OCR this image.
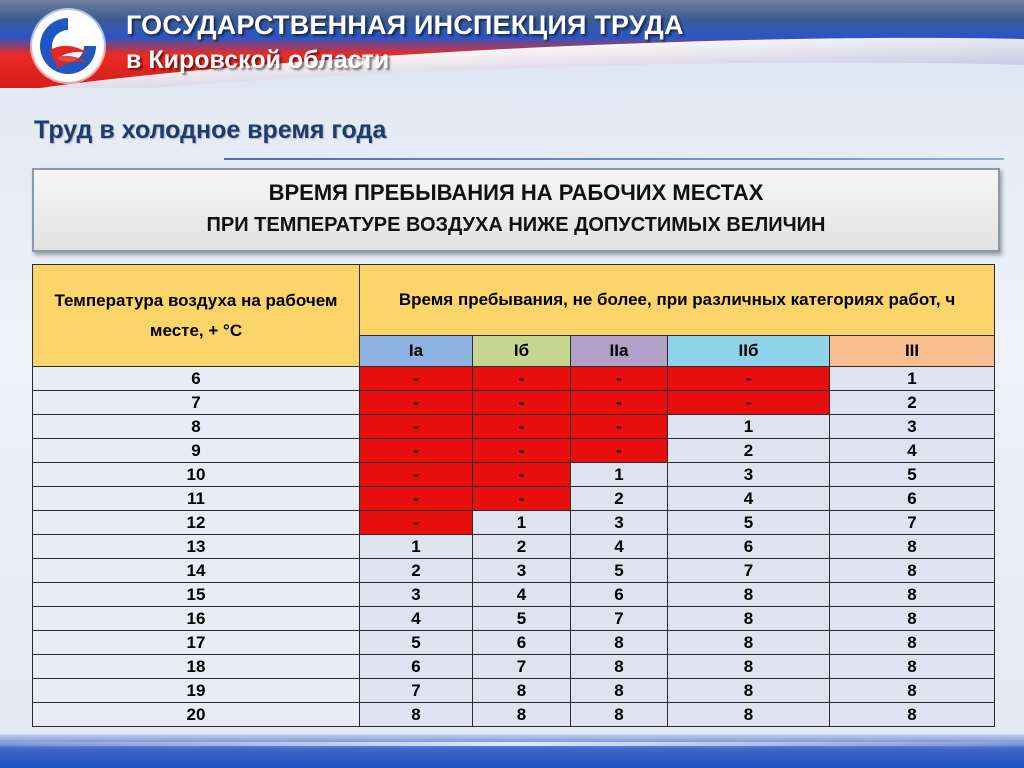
ГОСУДАРСТВЕННАЯ ИНСПЕКЦИЯ ТРУДА
в Кировской области
Труд в холодное время года
ВРЕМЯ ПРЕБЫВАНИЯ НА РАБОЧИХ МЕСТАХ
ПРИ ТЕМПЕРАТУРЕ ВОЗДУХА НИЖЕ ДОПУСТИМЫХ ВЕЛИЧИН
Температура воздуха на рабочем месте, + °С	Время пребывания, не более, при различных категориях работ, ч				
	Iа	Iб	IIа	IIб	III
6	-	-	-	-	1
7	-	-	-	-	2
8	-	-	-	1	3
9	-	-	-	2	4
10	-	-	1	3	5
11	-	-	2	4	6
12	-	1	3	5	7
13	1	2	4	6	8
14	2	3	5	7	8
15	3	4	6	8	8
16	4	5	7	8	8
17	5	6	8	8	8
18	6	7	8	8	8
19	7	8	8	8	8
20	8	8	8	8	8
